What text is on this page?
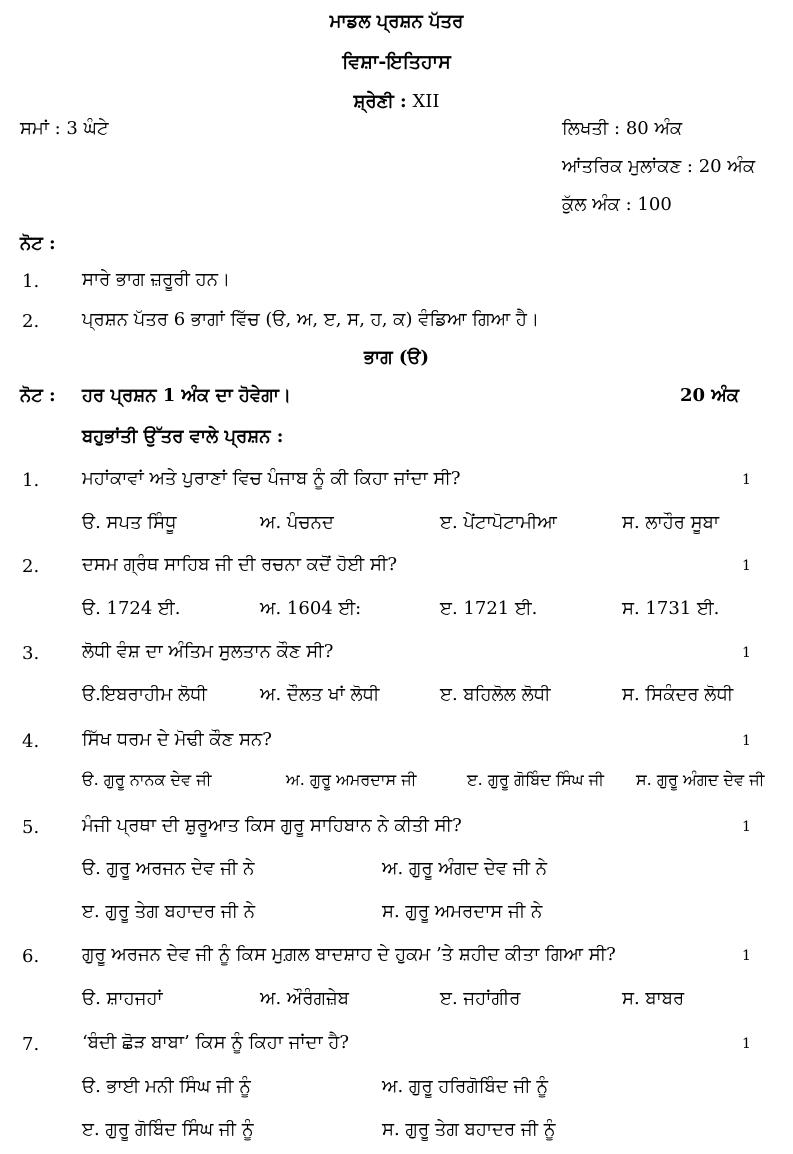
ਮਾਡਲ ਪ੍ਰਸ਼ਨ ਪੱਤਰ
ਵਿਸ਼ਾ-ਇਤਿਹਾਸ
ਸ਼੍ਰੇਣੀ : XII
ਸਮਾਂ : 3 ਘੰਟੇ	ਲਿਖਤੀ : 80 ਅੰਕ
ਆਂਤਰਿਕ ਮੁਲਾਂਕਣ : 20 ਅੰਕ
ਕੁੱਲ ਅੰਕ : 100
ਨੋਟ :
1. ਸਾਰੇ ਭਾਗ ਜ਼ਰੂਰੀ ਹਨ।
2. ਪ੍ਰਸ਼ਨ ਪੱਤਰ 6 ਭਾਗਾਂ ਵਿੱਚ (ੳ, ਅ, ੲ, ਸ, ਹ, ਕ) ਵੰਡਿਆ ਗਿਆ ਹੈ।
ਭਾਗ (ੳ)
ਨੋਟ : ਹਰ ਪ੍ਰਸ਼ਨ 1 ਅੰਕ ਦਾ ਹੋਵੇਗਾ।	20 ਅੰਕ
ਬਹੁਭਾਂਤੀ ਉੱਤਰ ਵਾਲੇ ਪ੍ਰਸ਼ਨ :
1. ਮਹਾਂਕਾਵਾਂ ਅਤੇ ਪੁਰਾਣਾਂ ਵਿਚ ਪੰਜਾਬ ਨੂੰ ਕੀ ਕਿਹਾ ਜਾਂਦਾ ਸੀ?	1
ੳ. ਸਪਤ ਸਿੰਧੂ	ਅ. ਪੰਚਨਦ	ੲ. ਪੇਂਟਾਪੋਟਾਮੀਆ	ਸ. ਲਾਹੌਰ ਸੂਬਾ
2. ਦਸਮ ਗ੍ਰੰਥ ਸਾਹਿਬ ਜੀ ਦੀ ਰਚਨਾ ਕਦੋਂ ਹੋਈ ਸੀ?	1
ੳ. 1724 ਈ.	ਅ. 1604 ਈ:	ੲ. 1721 ਈ.	ਸ. 1731 ਈ.
3. ਲੋਧੀ ਵੰਸ਼ ਦਾ ਅੰਤਿਮ ਸੁਲਤਾਨ ਕੌਣ ਸੀ?	1
ੳ.ਇਬਰਾਹੀਮ ਲੋਧੀ	ਅ. ਦੌਲਤ ਖਾਂ ਲੋਧੀ	ੲ. ਬਹਿਲੋਲ ਲੋਧੀ	ਸ. ਸਿਕੰਦਰ ਲੋਧੀ
4. ਸਿੱਖ ਧਰਮ ਦੇ ਮੋਢੀ ਕੌਣ ਸਨ?	1
ੳ. ਗੁਰੂ ਨਾਨਕ ਦੇਵ ਜੀ	ਅ. ਗੁਰੂ ਅਮਰਦਾਸ ਜੀ	ੲ. ਗੁਰੂ ਗੋਬਿੰਦ ਸਿੰਘ ਜੀ ਸ. ਗੁਰੂ ਅੰਗਦ ਦੇਵ ਜੀ
5. ਮੰਜੀ ਪ੍ਰਥਾ ਦੀ ਸ਼ੁਰੂਆਤ ਕਿਸ ਗੁਰੂ ਸਾਹਿਬਾਨ ਨੇ ਕੀਤੀ ਸੀ?	1
ੳ. ਗੁਰੂ ਅਰਜਨ ਦੇਵ ਜੀ ਨੇ	ਅ. ਗੁਰੂ ਅੰਗਦ ਦੇਵ ਜੀ ਨੇ
ੲ. ਗੁਰੂ ਤੇਗ ਬਹਾਦਰ ਜੀ ਨੇ	ਸ. ਗੁਰੂ ਅਮਰਦਾਸ ਜੀ ਨੇ
6. ਗੁਰੂ ਅਰਜਨ ਦੇਵ ਜੀ ਨੂੰ ਕਿਸ ਮੁਗ਼ਲ ਬਾਦਸ਼ਾਹ ਦੇ ਹੁਕਮ ’ਤੇ ਸ਼ਹੀਦ ਕੀਤਾ ਗਿਆ ਸੀ?	1
ੳ. ਸ਼ਾਹਜਹਾਂ	ਅ. ਔਰੰਗਜ਼ੇਬ	ੲ. ਜਹਾਂਗੀਰ	ਸ. ਬਾਬਰ
7. ‘ਬੰਦੀ ਛੋੜ ਬਾਬਾ’ ਕਿਸ ਨੂੰ ਕਿਹਾ ਜਾਂਦਾ ਹੈ?	1
ੳ. ਭਾਈ ਮਨੀ ਸਿੰਘ ਜੀ ਨੂੰ	ਅ. ਗੁਰੂ ਹਰਿਗੋਬਿੰਦ ਜੀ ਨੂੰ
ੲ. ਗੁਰੂ ਗੋਬਿੰਦ ਸਿੰਘ ਜੀ ਨੂੰ	ਸ. ਗੁਰੂ ਤੇਗ ਬਹਾਦਰ ਜੀ ਨੂੰ
